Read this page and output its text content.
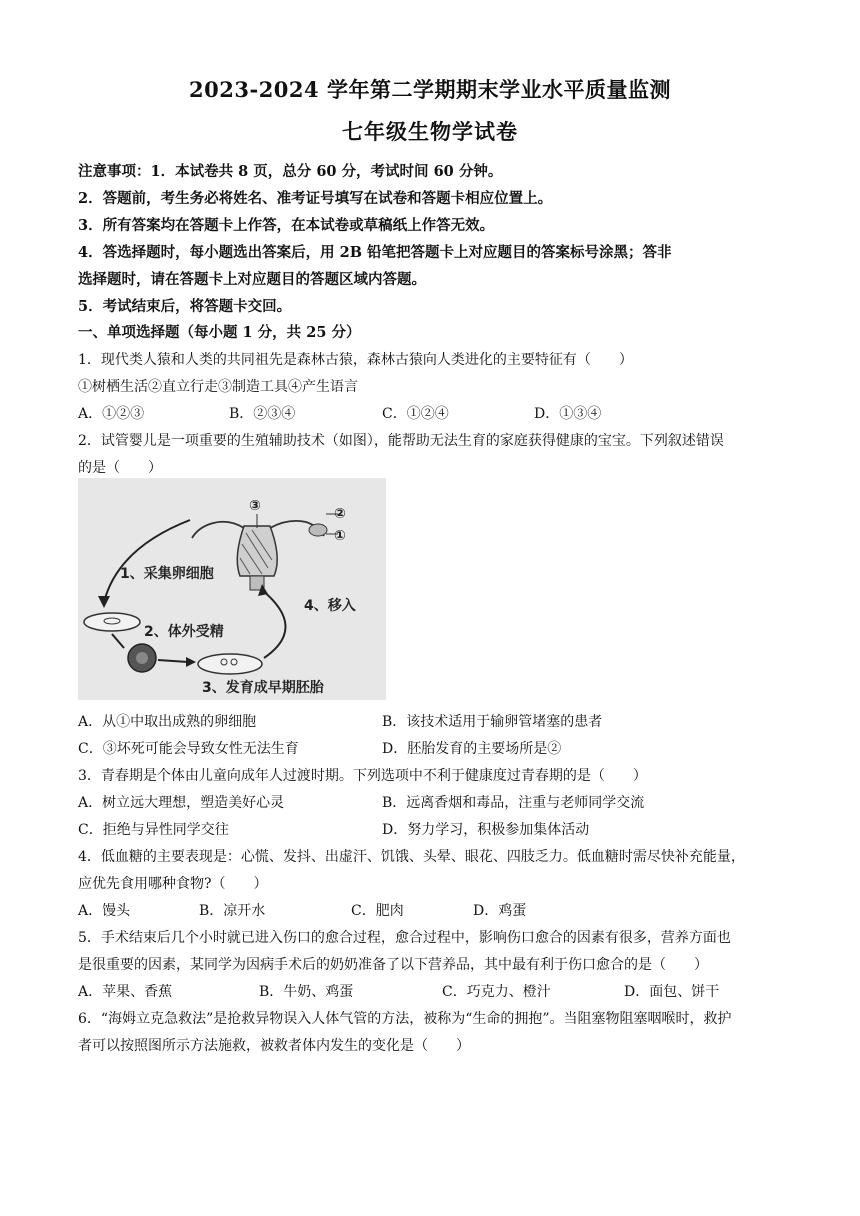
2023-2024 学年第二学期期末学业水平质量监测
七年级生物学试卷
注意事项：1．本试卷共 8 页，总分 60 分，考试时间 60 分钟。
2．答题前，考生务必将姓名、准考证号填写在试卷和答题卡相应位置上。
3．所有答案均在答题卡上作答，在本试卷或草稿纸上作答无效。
4．答选择题时，每小题选出答案后，用 2B 铅笔把答题卡上对应题目的答案标号涂黑；答非
选择题时，请在答题卡上对应题目的答题区域内答题。
5．考试结束后，将答题卡交回。
一、单项选择题（每小题 1 分，共 25 分）
1．现代类人猿和人类的共同祖先是森林古猿，森林古猿向人类进化的主要特征有（　　）
①树栖生活②直立行走③制造工具④产生语言
A．①②③	B．②③④	C．①②④	D．①③④
2．试管婴儿是一项重要的生殖辅助技术（如图），能帮助无法生育的家庭获得健康的宝宝。下列叙述错误
的是（　　）
③	②
①
1、采集卵细胞
2、体外受精
4、移入
3、发育成早期胚胎
A．从①中取出成熟的卵细胞	B．该技术适用于输卵管堵塞的患者
C．③坏死可能会导致女性无法生育	D．胚胎发育的主要场所是②
3．青春期是个体由儿童向成年人过渡时期。下列选项中不利于健康度过青春期的是（　　）
A．树立远大理想，塑造美好心灵	B．远离香烟和毒品，注重与老师同学交流
C．拒绝与异性同学交往	D．努力学习，积极参加集体活动
4．低血糖的主要表现是：心慌、发抖、出虚汗、饥饿、头晕、眼花、四肢乏力。低血糖时需尽快补充能量，
应优先食用哪种食物?（　　）
A．馒头	B．凉开水	C．肥肉	D．鸡蛋
5．手术结束后几个小时就已进入伤口的愈合过程，愈合过程中，影响伤口愈合的因素有很多，营养方面也
是很重要的因素，某同学为因病手术后的奶奶准备了以下营养品，其中最有利于伤口愈合的是（　　）
A．苹果、香蕉	B．牛奶、鸡蛋	C．巧克力、橙汁	D．面包、饼干
6．“海姆立克急救法”是抢救异物误入人体气管的方法，被称为“生命的拥抱”。当阻塞物阻塞咽喉时，救护
者可以按照图所示方法施救，被救者体内发生的变化是（　　）
